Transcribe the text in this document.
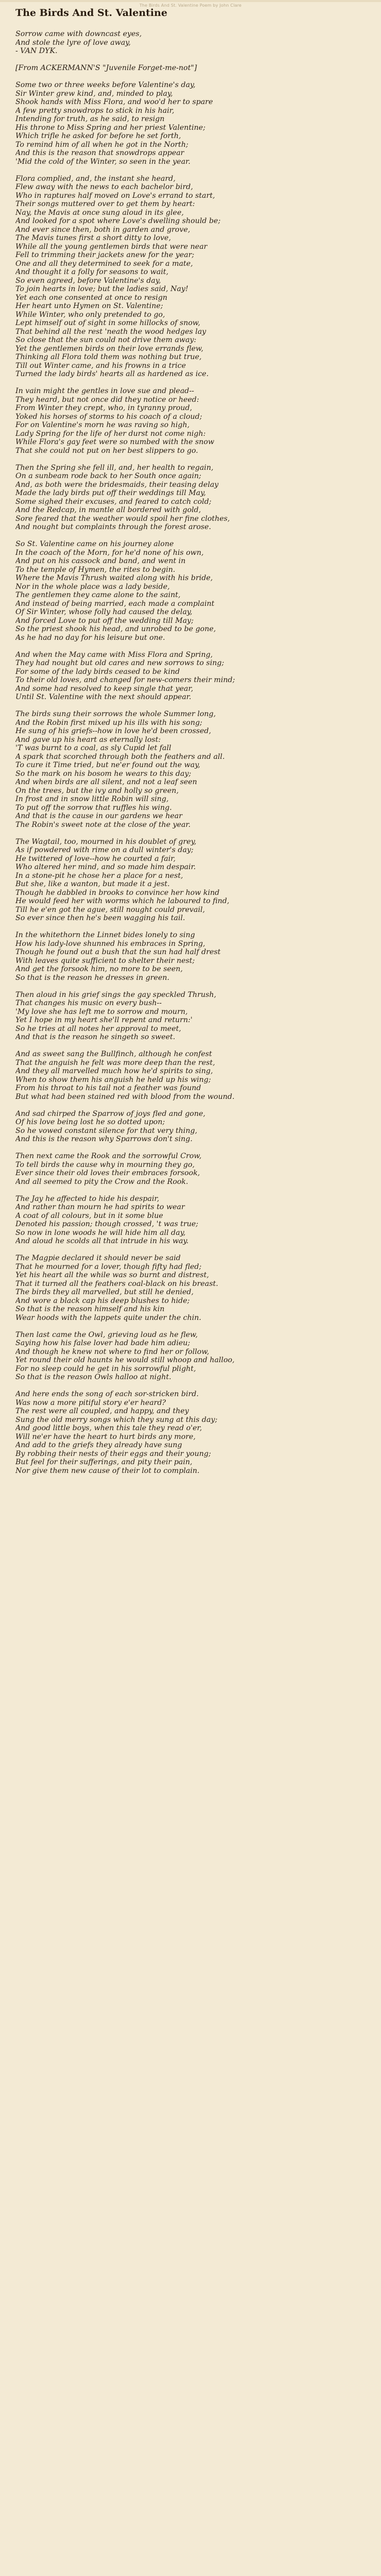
The Birds And St. Valentine Poem by John Clare
The Birds And St. Valentine
Sorrow came with downcast eyes,
And stole the lyre of love away,
- VAN DYK.
[From ACKERMANN'S "Juvenile Forget-me-not"]
Some two or three weeks before Valentine's day,
Sir Winter grew kind, and, minded to play,
Shook hands with Miss Flora, and woo'd her to spare
A few pretty snowdrops to stick in his hair,
Intending for truth, as he said, to resign
His throne to Miss Spring and her priest Valentine;
Which trifle he asked for before he set forth,
To remind him of all when he got in the North;
And this is the reason that snowdrops appear
'Mid the cold of the Winter, so seen in the year.
Flora complied, and, the instant she heard,
Flew away with the news to each bachelor bird,
Who in raptures half moved on Love's errand to start,
Their songs muttered over to get them by heart:
Nay, the Mavis at once sung aloud in its glee,
And looked for a spot where Love's dwelling should be;
And ever since then, both in garden and grove,
The Mavis tunes first a short ditty to love,
While all the young gentlemen birds that were near
Fell to trimming their jackets anew for the year;
One and all they determined to seek for a mate,
And thought it a folly for seasons to wait,
So even agreed, before Valentine's day,
To join hearts in love; but the ladies said, Nay!
Yet each one consented at once to resign
Her heart unto Hymen on St. Valentine;
While Winter, who only pretended to go,
Lept himself out of sight in some hillocks of snow,
That behind all the rest 'neath the wood hedges lay
So close that the sun could not drive them away:
Yet the gentlemen birds on their love errands flew,
Thinking all Flora told them was nothing but true,
Till out Winter came, and his frowns in a trice
Turned the lady birds' hearts all as hardened as ice.
In vain might the gentles in love sue and plead--
They heard, but not once did they notice or heed:
From Winter they crept, who, in tyranny proud,
Yoked his horses of storms to his coach of a cloud;
For on Valentine's morn he was raving so high,
Lady Spring for the life of her durst not come nigh:
While Flora's gay feet were so numbed with the snow
That she could not put on her best slippers to go.
Then the Spring she fell ill, and, her health to regain,
On a sunbeam rode back to her South once again;
And, as both were the bridesmaids, their teasing delay
Made the lady birds put off their weddings till May,
Some sighed their excuses, and feared to catch cold;
And the Redcap, in mantle all bordered with gold,
Sore feared that the weather would spoil her fine clothes,
And nought but complaints through the forest arose.
So St. Valentine came on his journey alone
In the coach of the Morn, for he'd none of his own,
And put on his cassock and band, and went in
To the temple of Hymen, the rites to begin.
Where the Mavis Thrush waited along with his bride,
Nor in the whole place was a lady beside,
The gentlemen they came alone to the saint,
And instead of being married, each made a complaint
Of Sir Winter, whose folly had caused the delay,
And forced Love to put off the wedding till May;
So the priest shook his head, and unrobed to be gone,
As he had no day for his leisure but one.
And when the May came with Miss Flora and Spring,
They had nought but old cares and new sorrows to sing;
For some of the lady birds ceased to be kind
To their old loves, and changed for new-comers their mind;
And some had resolved to keep single that year,
Until St. Valentine with the next should appear.
The birds sung their sorrows the whole Summer long,
And the Robin first mixed up his ills with his song;
He sung of his griefs--how in love he'd been crossed,
And gave up his heart as eternally lost:
'T was burnt to a coal, as sly Cupid let fall
A spark that scorched through both the feathers and all.
To cure it Time tried, but ne'er found out the way,
So the mark on his bosom he wears to this day;
And when birds are all silent, and not a leaf seen
On the trees, but the ivy and holly so green,
In frost and in snow little Robin will sing,
To put off the sorrow that ruffles his wing.
And that is the cause in our gardens we hear
The Robin's sweet note at the close of the year.
The Wagtail, too, mourned in his doublet of grey,
As if powdered with rime on a dull winter's day;
He twittered of love--how he courted a fair,
Who altered her mind, and so made him despair.
In a stone-pit he chose her a place for a nest,
But she, like a wanton, but made it a jest.
Though he dabbled in brooks to convince her how kind
He would feed her with worms which he laboured to find,
Till he e'en got the ague, still nought could prevail,
So ever since then he's been wagging his tail.
In the whitethorn the Linnet bides lonely to sing
How his lady-love shunned his embraces in Spring,
Though he found out a bush that the sun had half drest
With leaves quite sufficient to shelter their nest;
And get the forsook him, no more to be seen,
So that is the reason he dresses in green.
Then aloud in his grief sings the gay speckled Thrush,
That changes his music on every bush--
'My love she has left me to sorrow and mourn,
Yet I hope in my heart she'll repent and return:'
So he tries at all notes her approval to meet,
And that is the reason he singeth so sweet.
And as sweet sang the Bullfinch, although he confest
That the anguish he felt was more deep than the rest,
And they all marvelled much how he'd spirits to sing,
When to show them his anguish he held up his wing;
From his throat to his tail not a feather was found
But what had been stained red with blood from the wound.
And sad chirped the Sparrow of joys fled and gone,
Of his love being lost he so dotted upon;
So he vowed constant silence for that very thing,
And this is the reason why Sparrows don't sing.
Then next came the Rook and the sorrowful Crow,
To tell birds the cause why in mourning they go,
Ever since their old loves their embraces forsook,
And all seemed to pity the Crow and the Rook.
The Jay he affected to hide his despair,
And rather than mourn he had spirits to wear
A coat of all colours, but in it some blue
Denoted his passion; though crossed, 't was true;
So now in lone woods he will hide him all day,
And aloud he scolds all that intrude in his way.
The Magpie declared it should never be said
That he mourned for a lover, though fifty had fled;
Yet his heart all the while was so burnt and distrest,
That it turned all the feathers coal-black on his breast.
The birds they all marvelled, but still he denied,
And wore a black cap his deep blushes to hide;
So that is the reason himself and his kin
Wear hoods with the lappets quite under the chin.
Then last came the Owl, grieving loud as he flew,
Saying how his false lover had bade him adieu;
And though he knew not where to find her or follow,
Yet round their old haunts he would still whoop and halloo,
For no sleep could he get in his sorrowful plight,
So that is the reason Owls halloo at night.
And here ends the song of each sor-stricken bird.
Was now a more pitiful story e'er heard?
The rest were all coupled, and happy, and they
Sung the old merry songs which they sung at this day;
And good little boys, when this tale they read o'er,
Will ne'er have the heart to hurt birds any more,
And add to the griefs they already have sung
By robbing their nests of their eggs and their young;
But feel for their sufferings, and pity their pain,
Nor give them new cause of their lot to complain.
